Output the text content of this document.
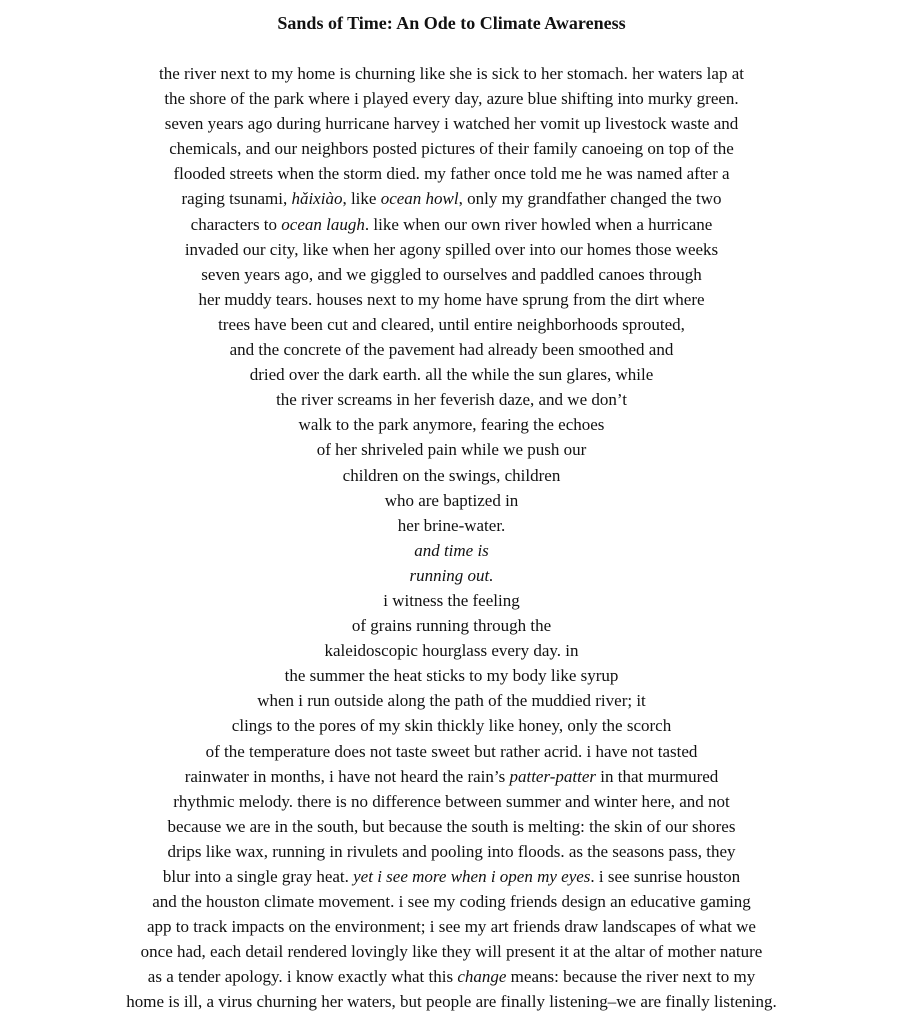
Sands of Time: An Ode to Climate Awareness
the river next to my home is churning like she is sick to her stomach. her waters lap at
the shore of the park where i played every day, azure blue shifting into murky green.
seven years ago during hurricane harvey i watched her vomit up livestock waste and
chemicals, and our neighbors posted pictures of their family canoeing on top of the
flooded streets when the storm died. my father once told me he was named after a
raging tsunami, hǎixiào, like ocean howl, only my grandfather changed the two
characters to ocean laugh. like when our own river howled when a hurricane
invaded our city, like when her agony spilled over into our homes those weeks
seven years ago, and we giggled to ourselves and paddled canoes through
her muddy tears. houses next to my home have sprung from the dirt where
trees have been cut and cleared, until entire neighborhoods sprouted,
and the concrete of the pavement had already been smoothed and
dried over the dark earth. all the while the sun glares, while
the river screams in her feverish daze, and we don’t
walk to the park anymore, fearing the echoes
of her shriveled pain while we push our
children on the swings, children
who are baptized in
her brine-water.
and time is
running out.
i witness the feeling
of grains running through the
kaleidoscopic hourglass every day. in
the summer the heat sticks to my body like syrup
when i run outside along the path of the muddied river; it
clings to the pores of my skin thickly like honey, only the scorch
of the temperature does not taste sweet but rather acrid. i have not tasted
rainwater in months, i have not heard the rain’s patter-patter in that murmured
rhythmic melody. there is no difference between summer and winter here, and not
because we are in the south, but because the south is melting: the skin of our shores
drips like wax, running in rivulets and pooling into floods. as the seasons pass, they
blur into a single gray heat. yet i see more when i open my eyes. i see sunrise houston
and the houston climate movement. i see my coding friends design an educative gaming
app to track impacts on the environment; i see my art friends draw landscapes of what we
once had, each detail rendered lovingly like they will present it at the altar of mother nature
as a tender apology. i know exactly what this change means: because the river next to my
home is ill, a virus churning her waters, but people are finally listening–we are finally listening.
